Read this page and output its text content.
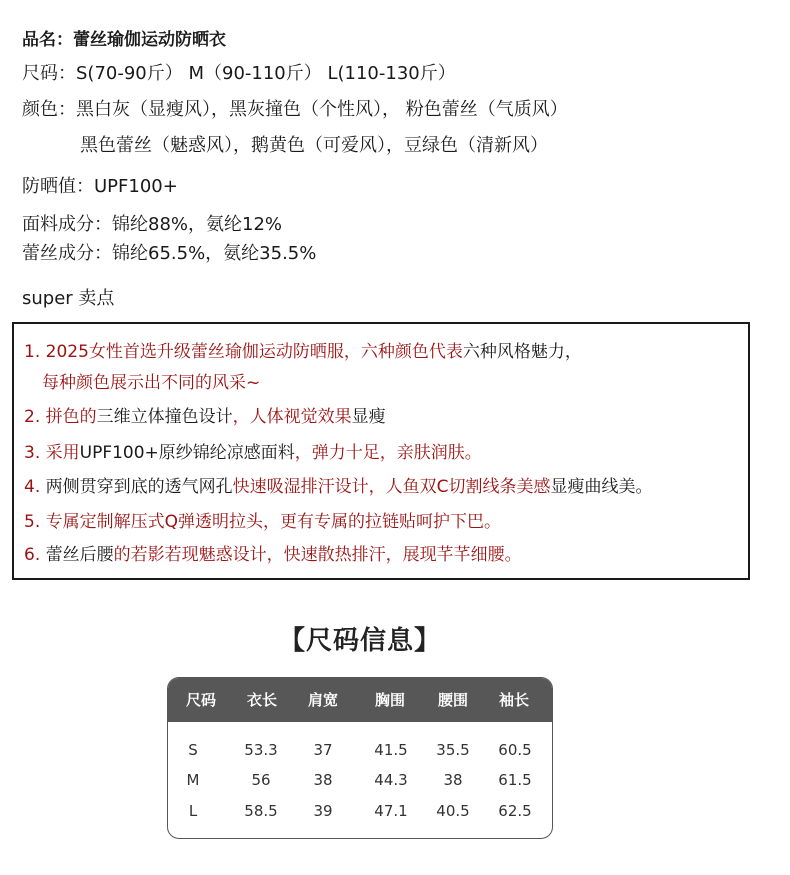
品名：蕾丝瑜伽运动防晒衣
尺码：S(70-90斤） M（90-110斤） L(110-130斤）
颜色：黑白灰（显瘦风），黑灰撞色（个性风）， 粉色蕾丝（气质风）
黑色蕾丝（魅惑风），鹅黄色（可爱风），豆绿色（清新风）
防晒值：UPF100+
面料成分：锦纶88%，氨纶12%
蕾丝成分：锦纶65.5%，氨纶35.5%
super 卖点
1. 2025女性首选升级蕾丝瑜伽运动防晒服，六种颜色代表六种风格魅力，
每种颜色展示出不同的风采~
2. 拼色的三维立体撞色设计，人体视觉效果显瘦
3. 采用UPF100+原纱锦纶凉感面料，弹力十足，亲肤润肤。
4. 两侧贯穿到底的透气网孔快速吸湿排汗设计，人鱼双C切割线条美感显瘦曲线美。
5. 专属定制解压式Q弹透明拉头，更有专属的拉链贴呵护下巴。
6. 蕾丝后腰的若影若现魅惑设计，快速散热排汗，展现芊芊细腰。
【尺码信息】
尺码	衣长	肩宽	胸围	腰围	袖长
S	53.3	37	41.5	35.5	60.5
M	56	38	44.3	38	61.5
L	58.5	39	47.1	40.5	62.5
